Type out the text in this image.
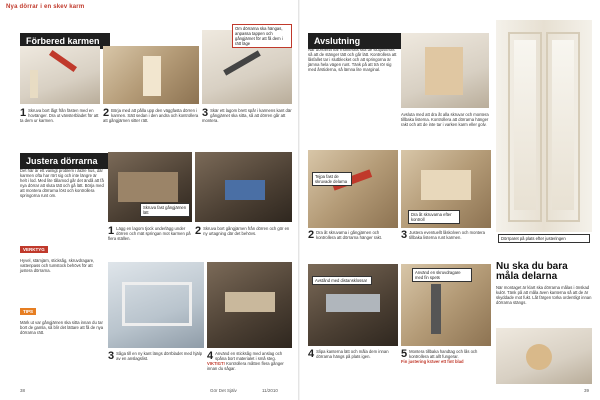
Nya dörrar i en skev karm
Förbered karmen
Om dörrarna ska hängas, anpassa tappen och gångjärnet för att få dem i rätt läge
1 Skruva bort lågt från fästen med en hovtänger. Dra ut vänsterbladet för att ta dem ur karmen.
2 Börja med att pålla upp den väggfasta dörren i karmen. Sätt sedan i den andra och kontrollera att gångjärnen sitter rätt.
3 Skär ett lagom brett spår i karmens kant där gångjärnet ska sitta, så att dörren går att montera.
Justera dörrarna
Det här är ett vanligt problem i äldre hus, där karmen ofta har rört sig och inte längre är helt i lod. Med lite tålamod går det ändå att få nya dörrar att sluta tätt och gå lätt. Börja med att montera dörrarna löst och kontrollera springorna runt om.
Skruva fast gångjärnen lätt
1 Lägg en lagom tjock underlägg under dörren och mät springan mot karmen på flera ställen.
2 Skruva bort gångjärnen från dörren och gör en ny urtagning där det behövs.
VERKTYG
Hyvel, stämjärn, sticksåg, skruvdragare, vattenpass och tumstock behövs för att justera dörrarna.
TIPS
Märk ut var gångjärnen ska sitta innan du tar bort de gamla, så blir det lättare att få de nya dörrarna rätt.
3 Såga till en ny kant längs dörrbladet med hjälp av en anslagslist.	4 Använd en sticksåg med anslag och spåna bort materialet i små steg.
VIKTIGT! Kontrollera måtten flera gånger innan du sågar.
38	Gör Det Själv	11/2010
Avslutning
När dörrarna har monterats ska de slutjusteras så att de stänger tätt och går lätt. Kontrollera att låsfallet tar i slutblecket och att springorna är jämna hela vägen runt. Tänk på att trä rör sig med årstiderna, så lämna lite marginal.
Avsluta med att dra åt alla skruvar och montera tillbaka listerna. Kontrollera att dörrarna hänger rakt och att de inte tar i varken karm eller golv.
Dörrparet på plats efter justeringen
Tejpa fast de skruvade delarna
Dra åt skruvarna efter kontroll
2 Dra åt skruvarna i gångjärnen och kontrollera att dörrarna hänger rakt.	3 Justera eventuellt låskolven och montera tillbaka listerna runt karmen.
Avstånd med distansklossar
Använd en skruvdragare med fin spets
4 Slipa kanterna lätt och måla dem innan dörrarna hängs på plats igen.	5 Montera tillbaka handtag och lås och kontrollera att allt fungerar.
Fin justering kräver ett fint blad
Nu ska du bara måla delarna
När montaget är klart ska dörrarna målas i önskad kulör. Tänk på att måla även kanterna så att de är skyddade mot fukt. Låt färgen torka ordentligt innan dörrarna stängs.
39
